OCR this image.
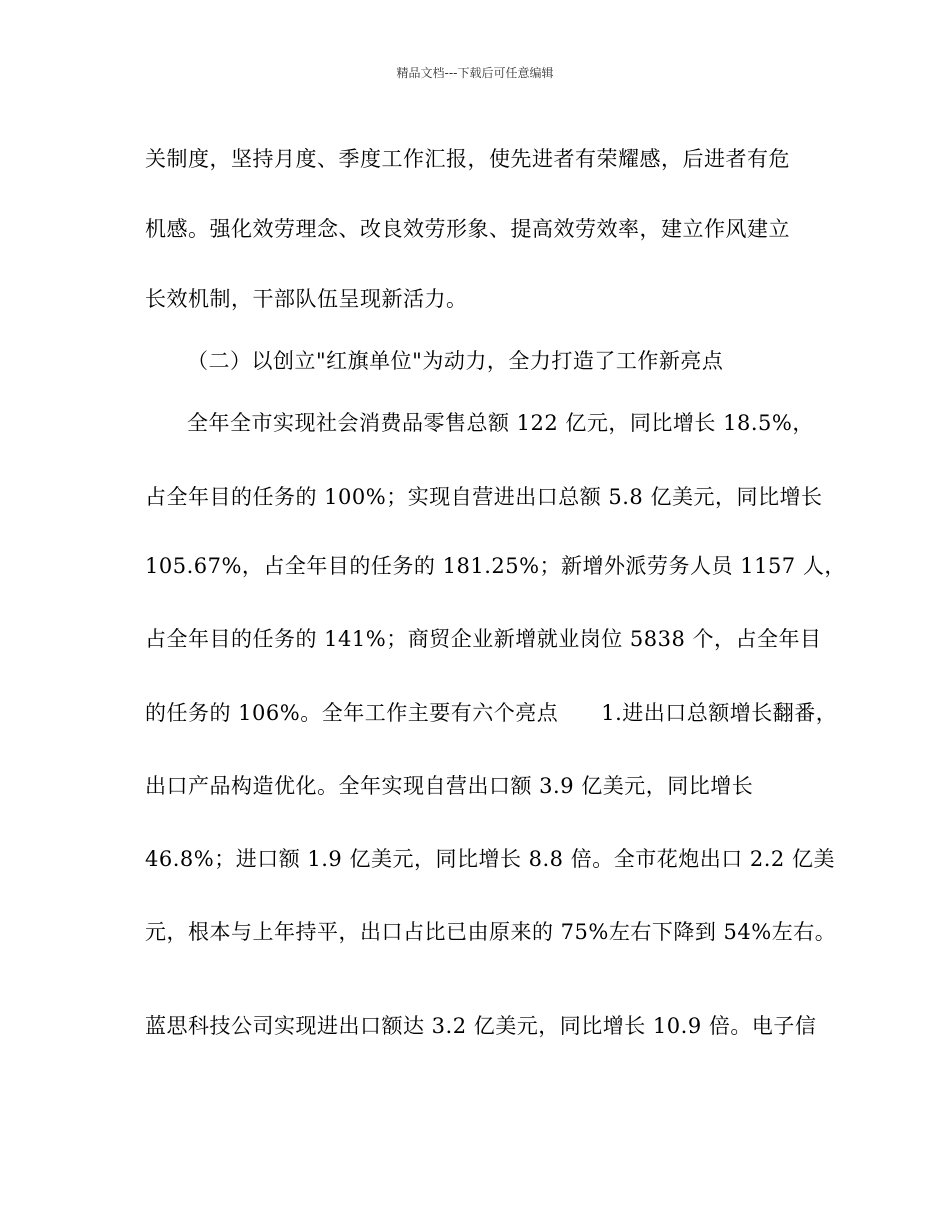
精品文档---下载后可任意编辑
关制度，坚持月度、季度工作汇报，使先进者有荣耀感，后进者有危
机感。强化效劳理念、改良效劳形象、提高效劳效率，建立作风建立
长效机制，干部队伍呈现新活力。
（二）以创立"红旗单位"为动力，全力打造了工作新亮点
全年全市实现社会消费品零售总额 122 亿元，同比增长 18.5%，
占全年目的任务的 100%；实现自营进出口总额 5.8 亿美元，同比增长
105.67%，占全年目的任务的 181.25%；新增外派劳务人员 1157 人，
占全年目的任务的 141%；商贸企业新增就业岗位 5838 个，占全年目
的任务的 106%。全年工作主要有六个亮点　　1.进出口总额增长翻番，
出口产品构造优化。全年实现自营出口额 3.9 亿美元，同比增长
46.8%；进口额 1.9 亿美元，同比增长 8.8 倍。全市花炮出口 2.2 亿美
元，根本与上年持平，出口占比已由原来的 75%左右下降到 54%左右。
蓝思科技公司实现进出口额达 3.2 亿美元，同比增长 10.9 倍。电子信
